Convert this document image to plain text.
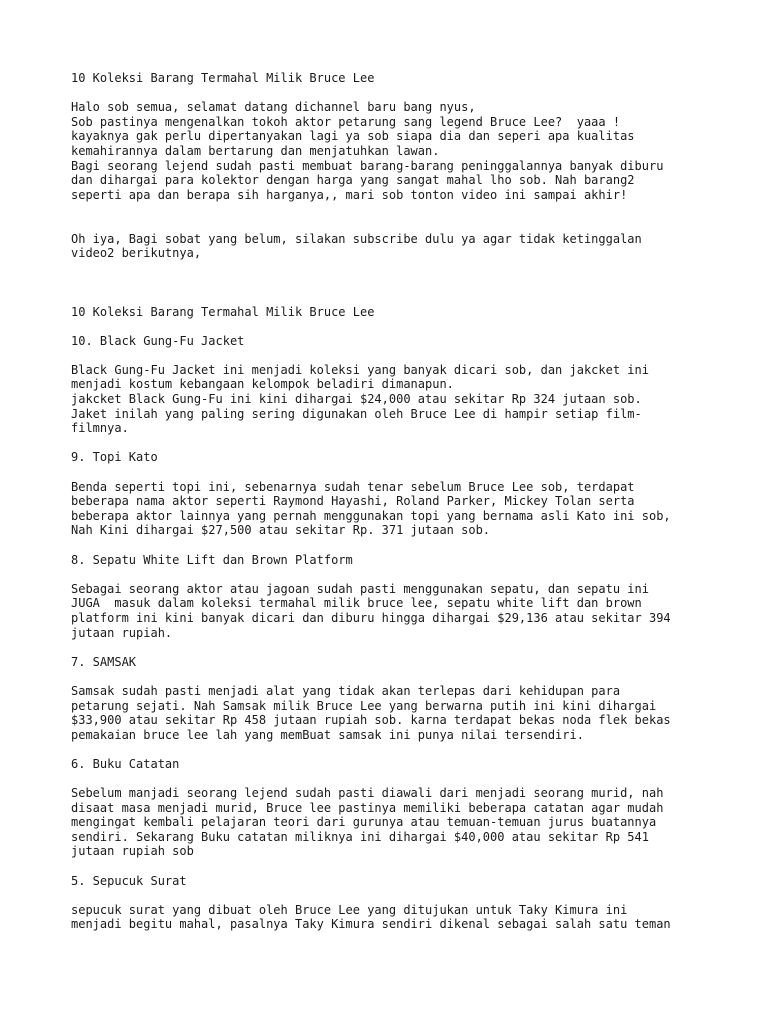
10 Koleksi Barang Termahal Milik Bruce Lee
Halo sob semua, selamat datang dichannel baru bang nyus,
Sob pastinya mengenalkan tokoh aktor petarung sang legend Bruce Lee?  yaaa !
kayaknya gak perlu dipertanyakan lagi ya sob siapa dia dan seperi apa kualitas
kemahirannya dalam bertarung dan menjatuhkan lawan.
Bagi seorang lejend sudah pasti membuat barang-barang peninggalannya banyak diburu
dan dihargai para kolektor dengan harga yang sangat mahal lho sob. Nah barang2
seperti apa dan berapa sih harganya,, mari sob tonton video ini sampai akhir!
Oh iya, Bagi sobat yang belum, silakan subscribe dulu ya agar tidak ketinggalan
video2 berikutnya,
10 Koleksi Barang Termahal Milik Bruce Lee
10. Black Gung-Fu Jacket
Black Gung-Fu Jacket ini menjadi koleksi yang banyak dicari sob, dan jakcket ini
menjadi kostum kebangaan kelompok beladiri dimanapun.
jakcket Black Gung-Fu ini kini dihargai $24,000 atau sekitar Rp 324 jutaan sob.
Jaket inilah yang paling sering digunakan oleh Bruce Lee di hampir setiap film-
filmnya.
9. Topi Kato
Benda seperti topi ini, sebenarnya sudah tenar sebelum Bruce Lee sob, terdapat
beberapa nama aktor seperti Raymond Hayashi, Roland Parker, Mickey Tolan serta
beberapa aktor lainnya yang pernah menggunakan topi yang bernama asli Kato ini sob,
Nah Kini dihargai $27,500 atau sekitar Rp. 371 jutaan sob.
8. Sepatu White Lift dan Brown Platform
Sebagai seorang aktor atau jagoan sudah pasti menggunakan sepatu, dan sepatu ini
JUGA  masuk dalam koleksi termahal milik bruce lee, sepatu white lift dan brown
platform ini kini banyak dicari dan diburu hingga dihargai $29,136 atau sekitar 394
jutaan rupiah.
7. SAMSAK
Samsak sudah pasti menjadi alat yang tidak akan terlepas dari kehidupan para
petarung sejati. Nah Samsak milik Bruce Lee yang berwarna putih ini kini dihargai
$33,900 atau sekitar Rp 458 jutaan rupiah sob. karna terdapat bekas noda flek bekas
pemakaian bruce lee lah yang memBuat samsak ini punya nilai tersendiri.
6. Buku Catatan
Sebelum manjadi seorang lejend sudah pasti diawali dari menjadi seorang murid, nah
disaat masa menjadi murid, Bruce lee pastinya memiliki beberapa catatan agar mudah
mengingat kembali pelajaran teori dari gurunya atau temuan-temuan jurus buatannya
sendiri. Sekarang Buku catatan miliknya ini dihargai $40,000 atau sekitar Rp 541
jutaan rupiah sob
5. Sepucuk Surat
sepucuk surat yang dibuat oleh Bruce Lee yang ditujukan untuk Taky Kimura ini
menjadi begitu mahal, pasalnya Taky Kimura sendiri dikenal sebagai salah satu teman
